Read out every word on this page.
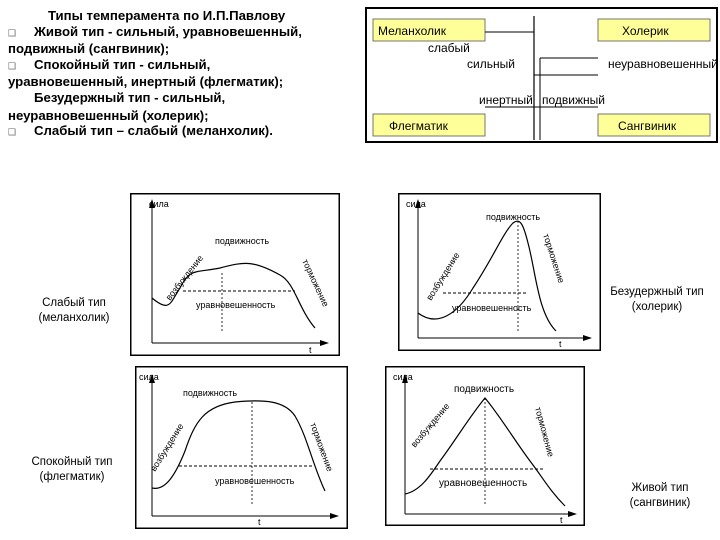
Типы темперамента по И.П.Павлову
❑ Живой тип - сильный, уравновешенный,
подвижный (сангвиник);
❑ Спокойный тип - сильный,
уравновешенный, инертный (флегматик);
Безудержный тип - сильный,
неуравновешенный (холерик);
❑ Слабый тип – слабый (меланхолик).
Меланхолик	Холерик
Флегматик	Сангвиник
слабый
сильный	неуравновешенный
инертный подвижный
сила
t
подвижность
уравновешенность
возбуждение	торможение
Слабый тип
(меланхолик)
сила
t
подвижность
уравновешенность
возбуждение	торможение
Безудержный тип
(холерик)
сила
t
подвижность
уравновешенность
возбуждение	торможение
Спокойный тип
(флегматик)
сила
t
подвижность
уравновешенность
возбуждение	торможение
Живой тип
(сангвиник)
